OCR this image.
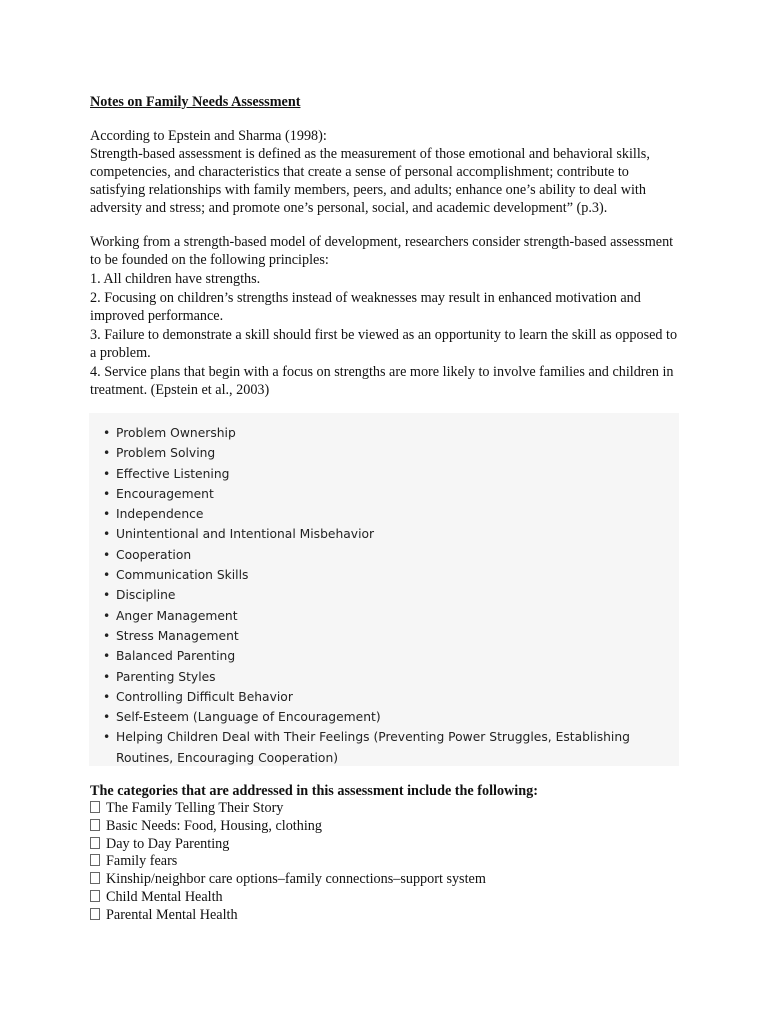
Notes on Family Needs Assessment

According to Epstein and Sharma (1998):

Strength-based assessment is defined as the measurement of those emotional and behavioral skills, competencies, and characteristics that create a sense of personal accomplishment; contribute to satisfying relationships with family members, peers, and adults; enhance one’s ability to deal with adversity and stress; and promote one’s personal, social, and academic development” (p.3).

Working from a strength-based model of development, researchers consider strength-based assessment to be founded on the following principles:

1. All children have strengths.
2. Focusing on children’s strengths instead of weaknesses may result in enhanced motivation and improved performance.
3. Failure to demonstrate a skill should first be viewed as an opportunity to learn the skill as opposed to a problem.
4. Service plans that begin with a focus on strengths are more likely to involve families and children in treatment. (Epstein et al., 2003)
• Problem Ownership
• Problem Solving
• Effective Listening
• Encouragement
• Independence
• Unintentional and Intentional Misbehavior
• Cooperation
• Communication Skills
• Discipline
• Anger Management
• Stress Management
• Balanced Parenting
• Parenting Styles
• Controlling Difficult Behavior
• Self-Esteem (Language of Encouragement)
• Helping Children Deal with Their Feelings (Preventing Power Struggles, Establishing Routines, Encouraging Cooperation)
The categories that are addressed in this assessment include the following:
The Family Telling Their Story
Basic Needs: Food, Housing, clothing
Day to Day Parenting
Family fears
Kinship/neighbor care options–family connections–support system
Child Mental Health
Parental Mental Health
